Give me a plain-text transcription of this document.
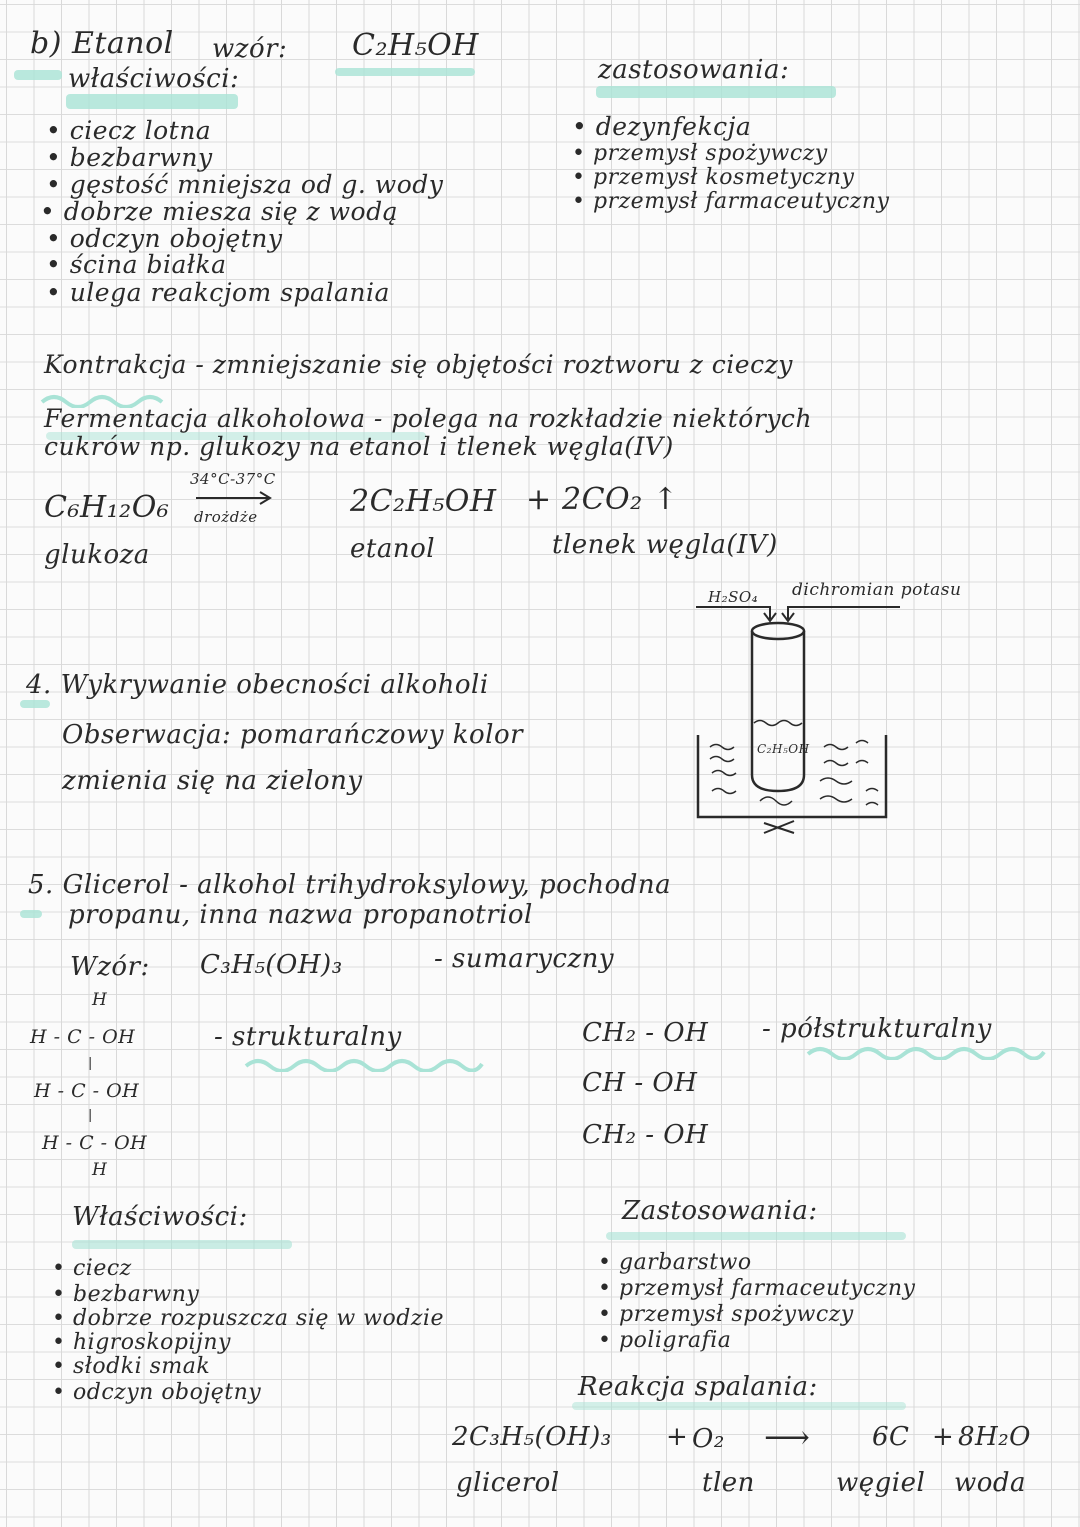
b) Etanol wzór: C₂H₅OH
właściwości:
• ciecz lotna
• bezbarwny
• gęstość mniejsza od g. wody
• dobrze miesza się z wodą
• odczyn obojętny
• ścina białka
• ulega reakcjom spalania
zastosowania:
• dezynfekcja
• przemysł spożywczy
• przemysł kosmetyczny
• przemysł farmaceutyczny
Kontrakcja - zmniejszanie się objętości roztworu z cieczy
Fermentacja alkoholowa - polega na rozkładzie niektórych
cukrów np. glukozy na etanol i tlenek węgla(IV)
C₆H₁₂O₆
34°C-37°C
drożdże	2C₂H₅OH + 2CO₂ ↑
glukoza	etanol	tlenek węgla(IV)
4. Wykrywanie obecności alkoholi
Obserwacja: pomarańczowy kolor
zmienia się na zielony
H₂SO₄ dichromian potasu
C₂H₅OH
5. Glicerol - alkohol trihydroksylowy, pochodna
propanu, inna nazwa propanotriol
Wzór: C₃H₅(OH)₃	- sumaryczny
H
H - C - OH
|
H - C - OH
|
H - C - OH
H
- strukturalny	CH₂ - OH
CH - OH
CH₂ - OH
- półstrukturalny
Właściwości:
• ciecz
• bezbarwny
• dobrze rozpuszcza się w wodzie
• higroskopijny
• słodki smak
• odczyn obojętny
Zastosowania:
• garbarstwo
• przemysł farmaceutyczny
• przemysł spożywczy
• poligrafia
Reakcja spalania:
2C₃H₅(OH)₃ + O₂ ⟶ 6C + 8H₂O
glicerol	tlen	węgiel woda
